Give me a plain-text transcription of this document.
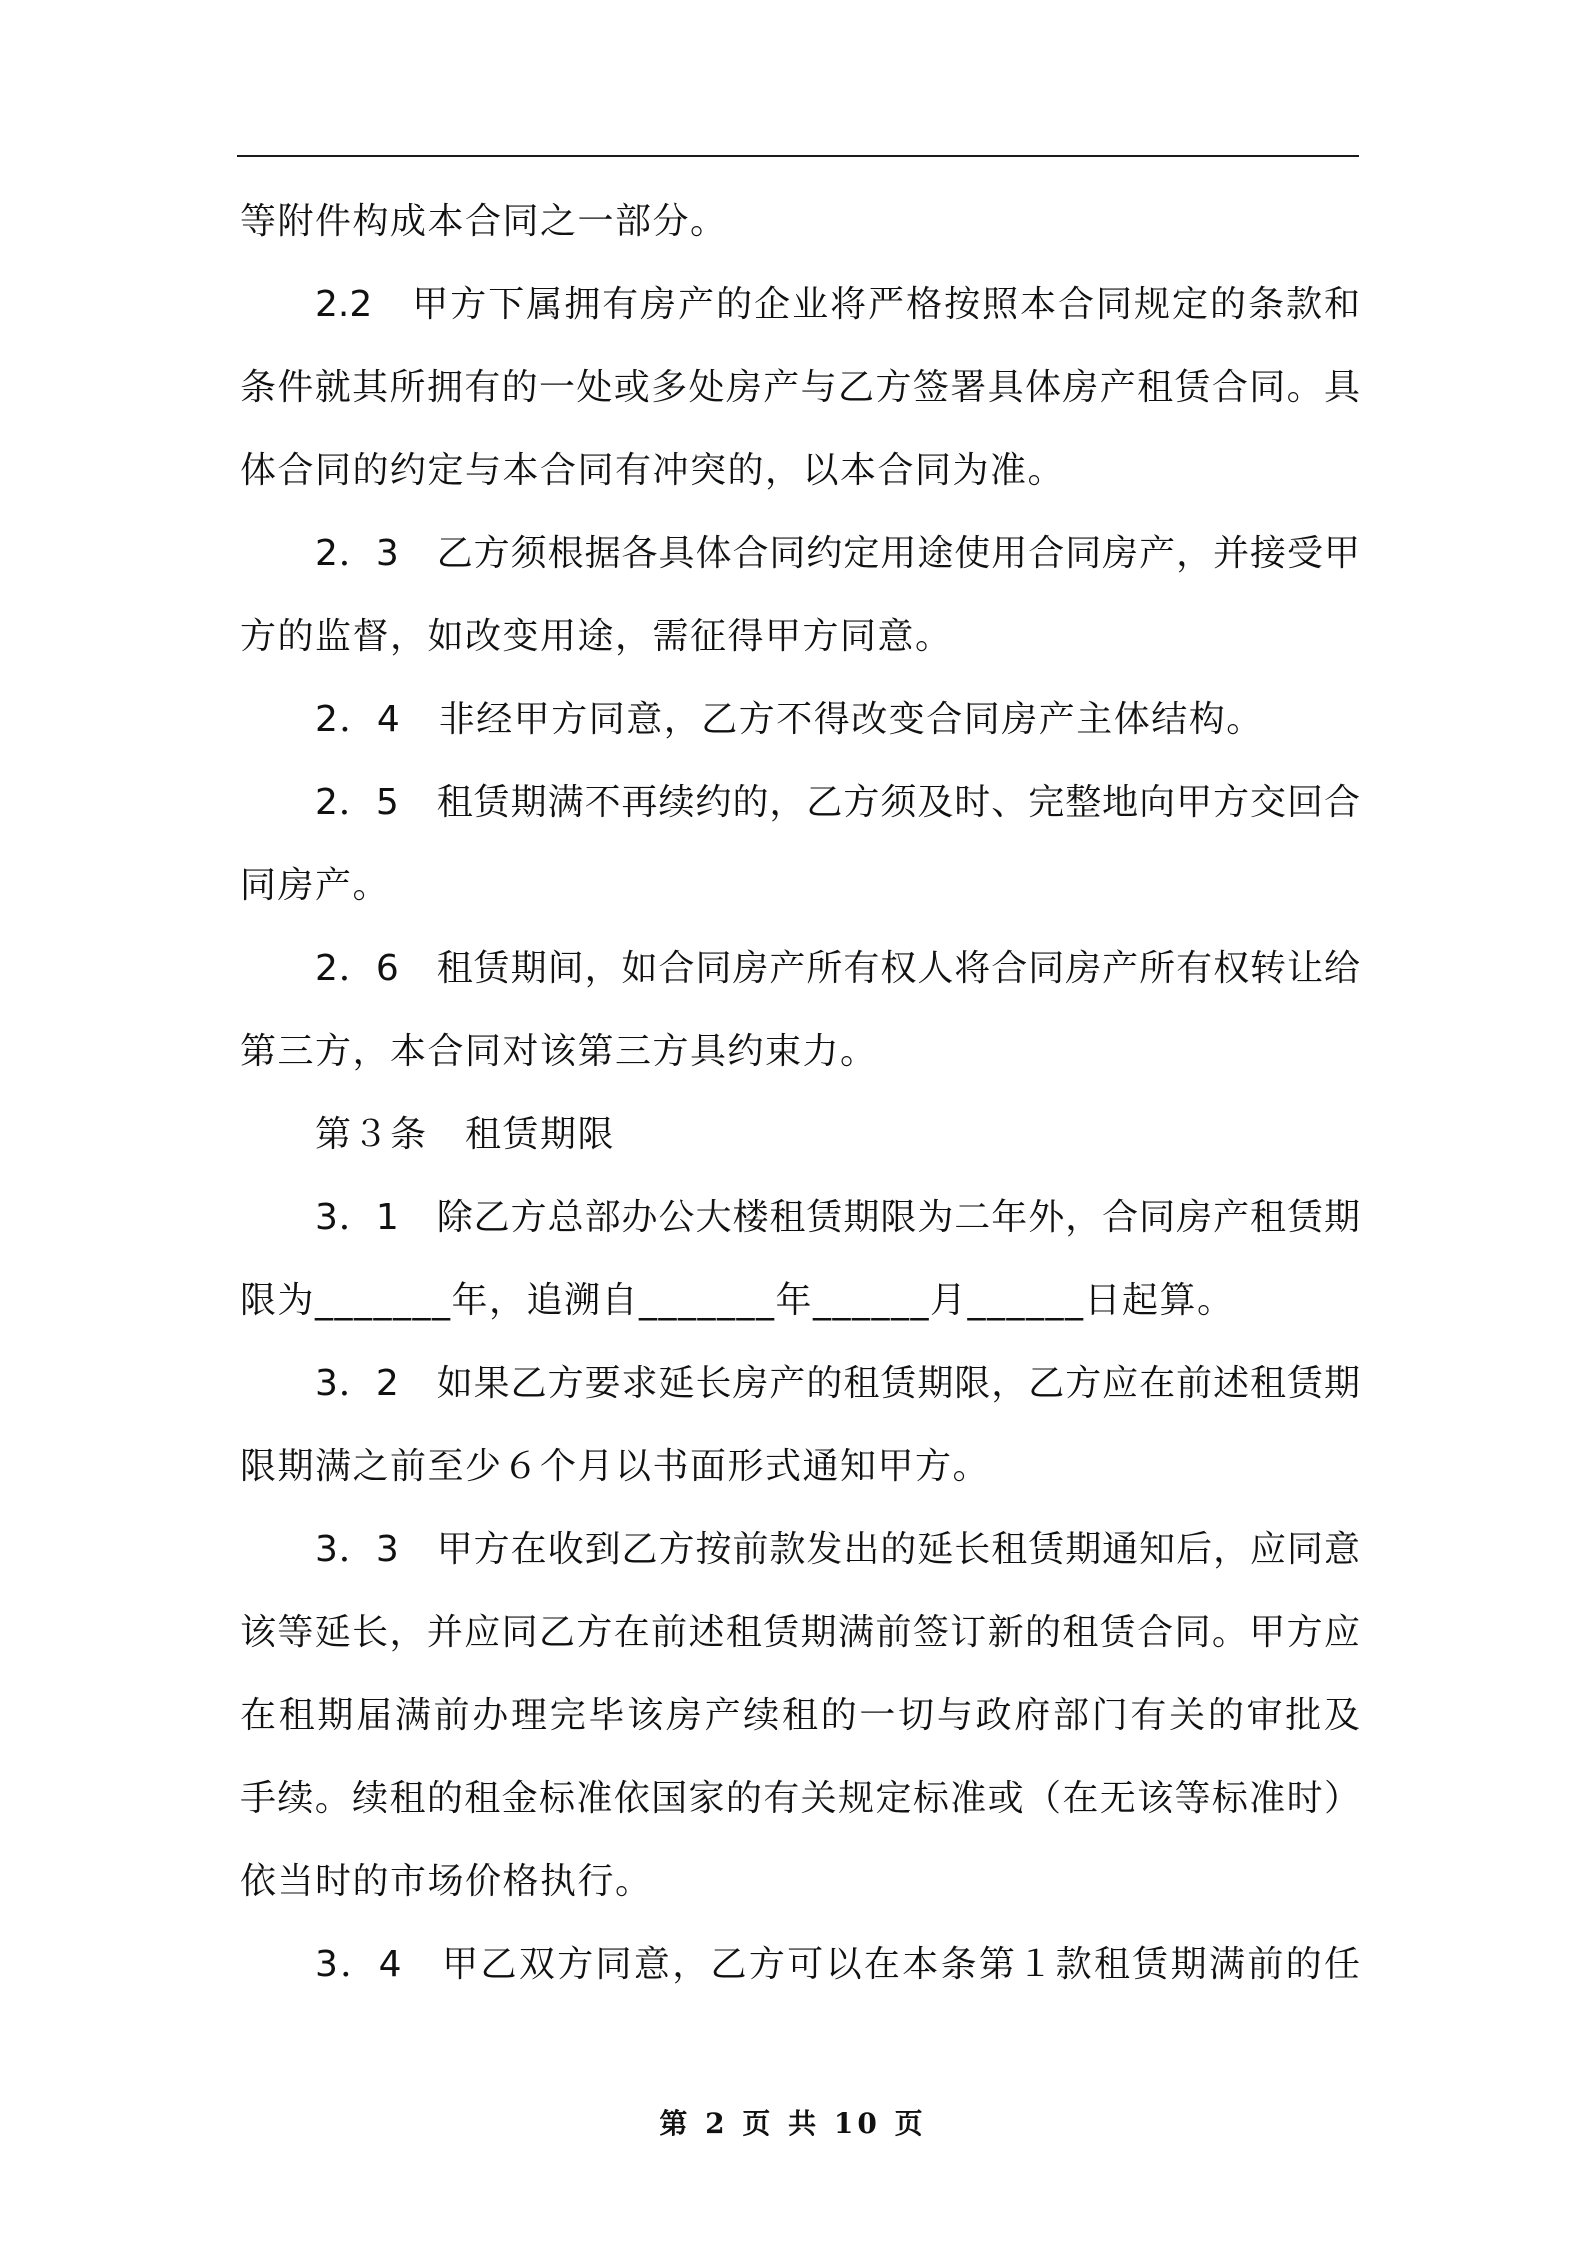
等附件构成本合同之一部分。
2.2　甲方下属拥有房产的企业将严格按照本合同规定的条款和
条件就其所拥有的一处或多处房产与乙方签署具体房产租赁合同。具
体合同的约定与本合同有冲突的，以本合同为准。
2．3　乙方须根据各具体合同约定用途使用合同房产，并接受甲
方的监督，如改变用途，需征得甲方同意。
2．4　非经甲方同意，乙方不得改变合同房产主体结构。
2．5　租赁期满不再续约的，乙方须及时、完整地向甲方交回合
同房产。
2．6　租赁期间，如合同房产所有权人将合同房产所有权转让给
第三方，本合同对该第三方具约束力。
第３条　租赁期限
3．1　除乙方总部办公大楼租赁期限为二年外，合同房产租赁期
限为_______年，追溯自_______年______月______日起算。
3．2　如果乙方要求延长房产的租赁期限，乙方应在前述租赁期
限期满之前至少６个月以书面形式通知甲方。
3．3　甲方在收到乙方按前款发出的延长租赁期通知后，应同意
该等延长，并应同乙方在前述租赁期满前签订新的租赁合同。甲方应
在租期届满前办理完毕该房产续租的一切与政府部门有关的审批及
手续。续租的租金标准依国家的有关规定标准或（在无该等标准时）
依当时的市场价格执行。
3．4　甲乙双方同意，乙方可以在本条第１款租赁期满前的任
第 2 页 共 10 页
